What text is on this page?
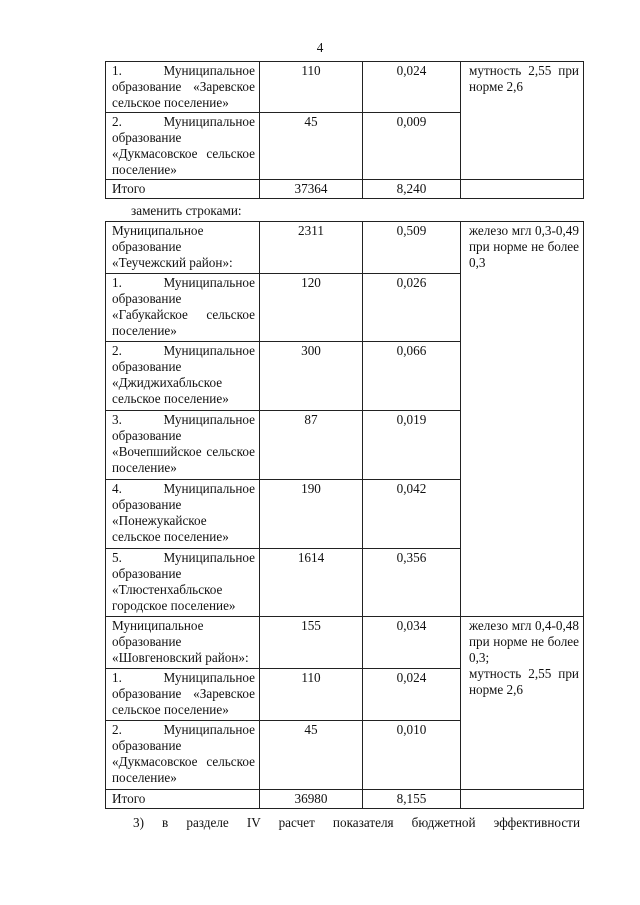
4
1. Муниципальное образование «Заревское сельское поселение»	110	0,024	мутность 2,55 при норме 2,6
2. Муниципальное образование «Дукмасовское сельское поселение»	45	0,009	
Итого	37364	8,240	
заменить строками:
Муниципальное образование «Теучежский район»:	2311	0,509	железо мгл 0,3-0,49 при норме не более 0,3
1. Муниципальное образование «Габукайское сельское поселение»	120	0,026	
2. Муниципальное образование «Джиджихабльское сельское поселение»	300	0,066	
3. Муниципальное образование «Вочепшийское сельское поселение»	87	0,019	
4. Муниципальное образование «Понежукайское сельское поселение»	190	0,042	
5. Муниципальное образование «Тлюстенхабльское городское поселение»	1614	0,356	
Муниципальное образование «Шовгеновский район»:	155	0,034	железо мгл 0,4-0,48 при норме не более 0,3;
мутность 2,55 при норме 2,6

1. Муниципальное образование «Заревское сельское поселение»	110	0,024	
2. Муниципальное образование «Дукмасовское сельское поселение»	45	0,010	
Итого	36980	8,155	
3) в разделе IV расчет показателя бюджетной эффективности
